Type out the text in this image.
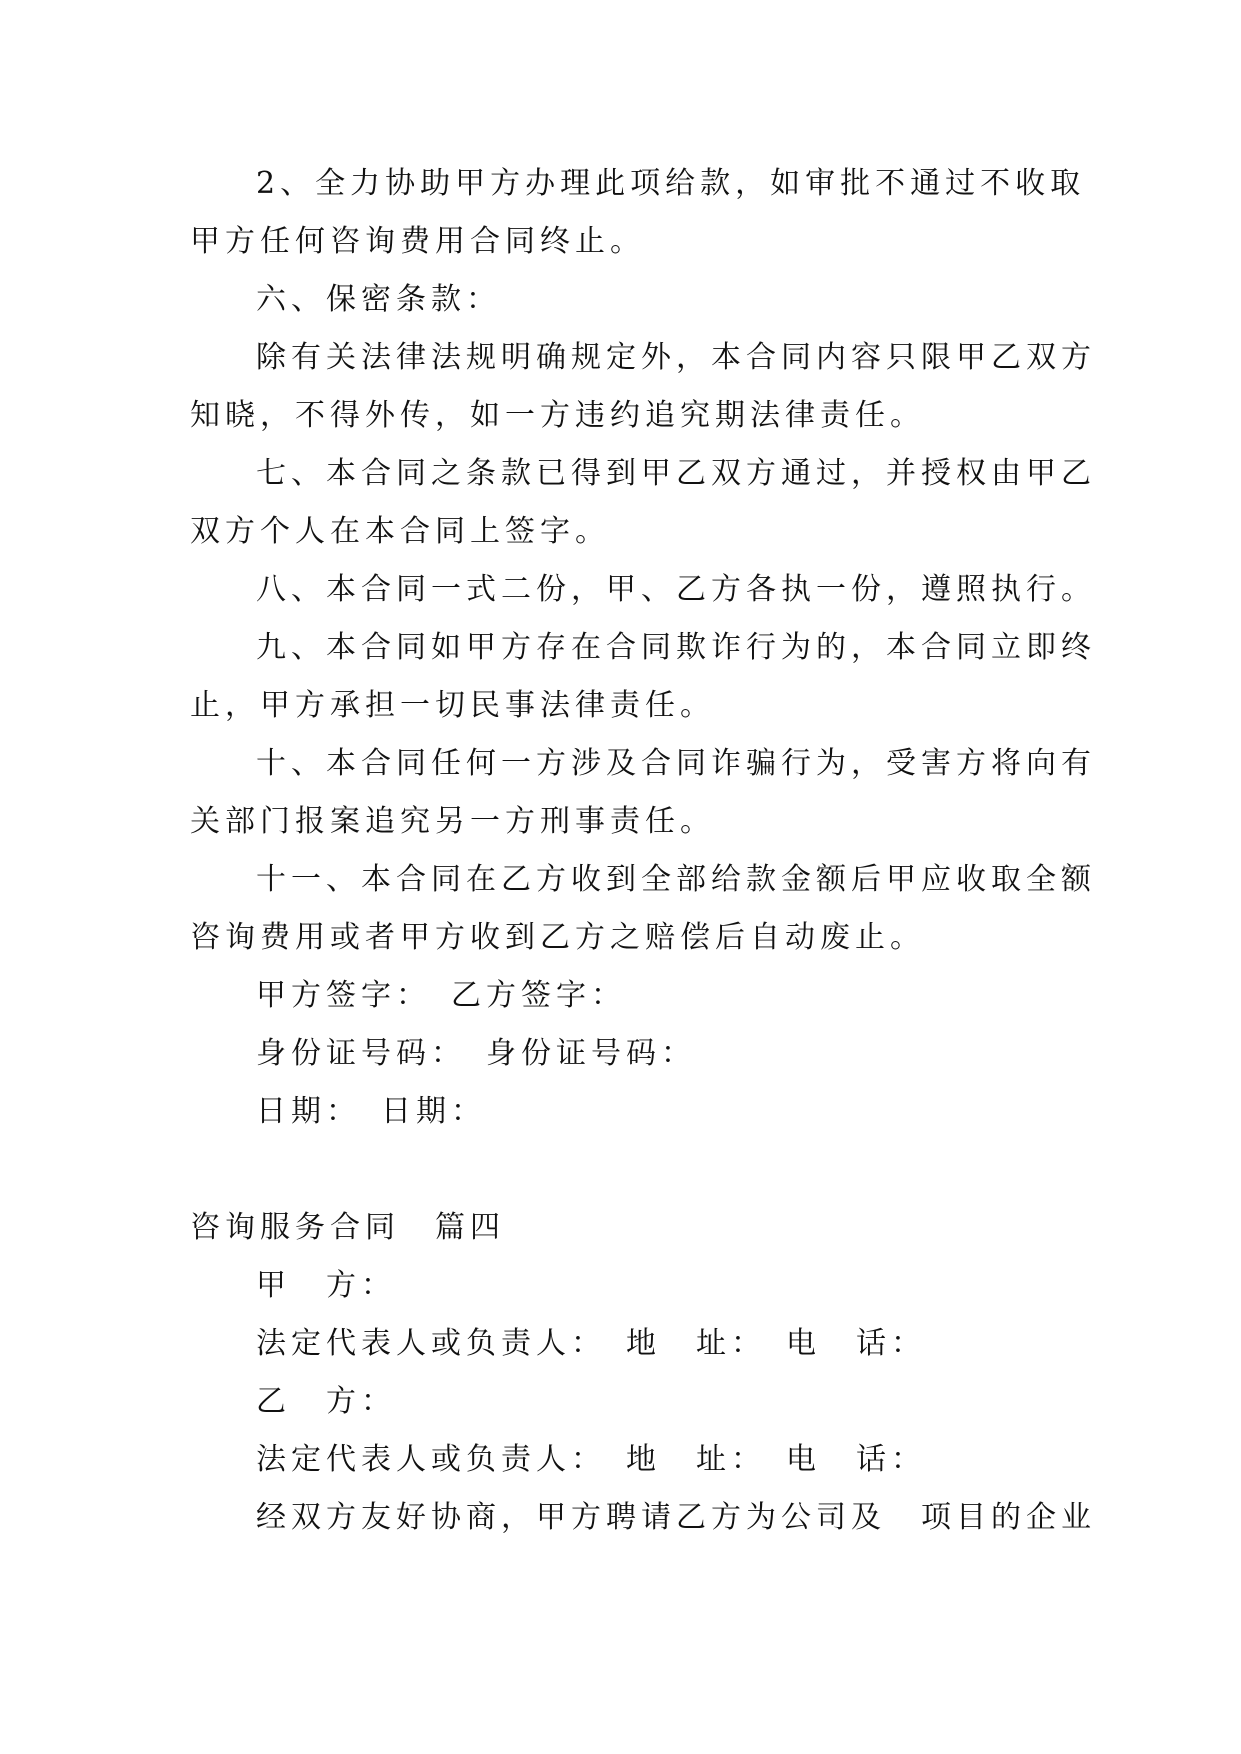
2、全力协助甲方办理此项给款，如审批不通过不收取
甲方任何咨询费用合同终止。
六、保密条款：
除有关法律法规明确规定外，本合同内容只限甲乙双方
知晓，不得外传，如一方违约追究期法律责任。
七、本合同之条款已得到甲乙双方通过，并授权由甲乙
双方个人在本合同上签字。
八、本合同一式二份，甲、乙方各执一份，遵照执行。
九、本合同如甲方存在合同欺诈行为的，本合同立即终
止，甲方承担一切民事法律责任。
十、本合同任何一方涉及合同诈骗行为，受害方将向有
关部门报案追究另一方刑事责任。
十一、本合同在乙方收到全部给款金额后甲应收取全额
咨询费用或者甲方收到乙方之赔偿后自动废止。
甲方签字：　乙方签字：
身份证号码：　身份证号码：
日期：　日期：
咨询服务合同　篇四
甲　方：
法定代表人或负责人：　地　址：　电　话：
乙　方：
法定代表人或负责人：　地　址：　电　话：
经双方友好协商，甲方聘请乙方为公司及　项目的企业
